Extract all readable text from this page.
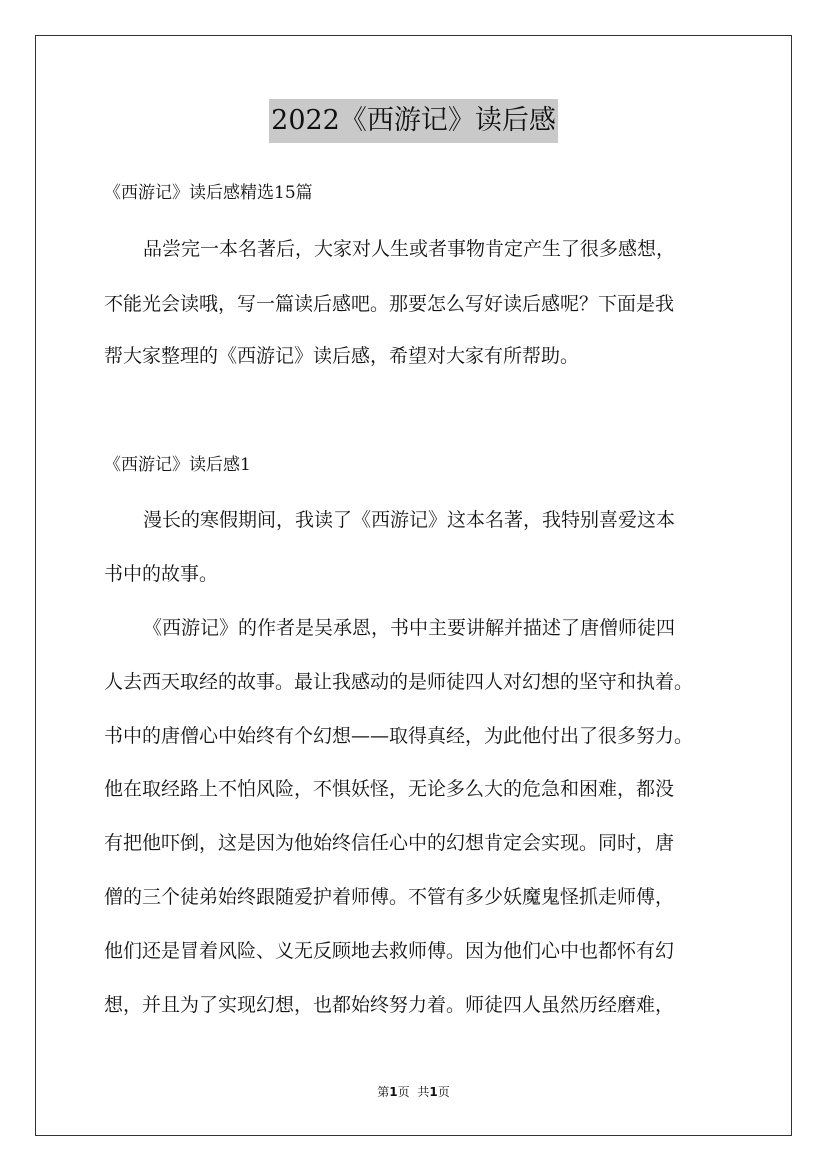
2022《西游记》读后感
《西游记》读后感精选15篇
品尝完一本名著后，大家对人生或者事物肯定产生了很多感想，
不能光会读哦，写一篇读后感吧。那要怎么写好读后感呢？下面是我
帮大家整理的《西游记》读后感，希望对大家有所帮助。
《西游记》读后感1
漫长的寒假期间，我读了《西游记》这本名著，我特别喜爱这本
书中的故事。
《西游记》的作者是吴承恩，书中主要讲解并描述了唐僧师徒四
人去西天取经的故事。最让我感动的是师徒四人对幻想的坚守和执着。
书中的唐僧心中始终有个幻想——取得真经，为此他付出了很多努力。
他在取经路上不怕风险，不惧妖怪，无论多么大的危急和困难，都没
有把他吓倒，这是因为他始终信任心中的幻想肯定会实现。同时，唐
僧的三个徒弟始终跟随爱护着师傅。不管有多少妖魔鬼怪抓走师傅，
他们还是冒着风险、义无反顾地去救师傅。因为他们心中也都怀有幻
想，并且为了实现幻想，也都始终努力着。师徒四人虽然历经磨难，
第1页 共1页
